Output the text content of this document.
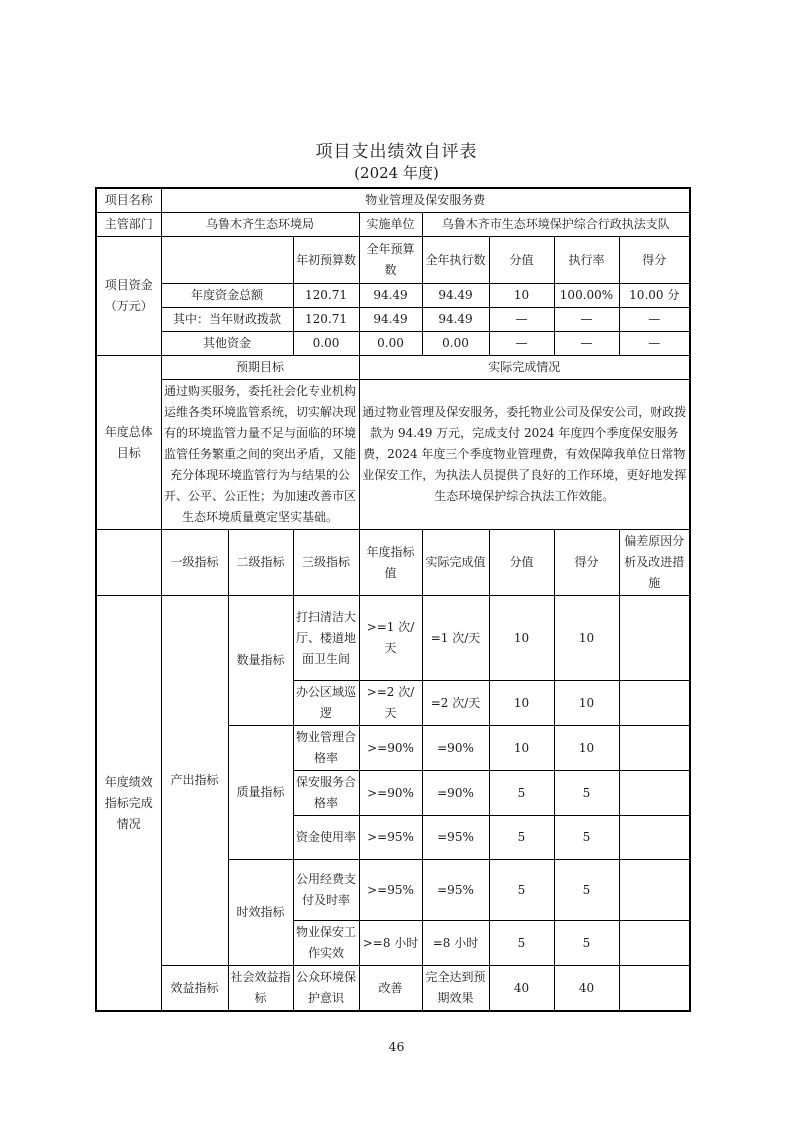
项目支出绩效自评表
(2024 年度)
项目名称	物业管理及保安服务费							
主管部门	乌鲁木齐生态环境局			实施单位	乌鲁木齐市生态环境保护综合行政执法支队			
项目资金（万元）			年初预算数	全年预算数	全年执行数	分值	执行率	得分
	年度资金总额		120.71	94.49	94.49	10	100.00%	10.00 分
	其中：当年财政拨款		120.71	94.49	94.49	—	—	—
	其他资金		0.00	0.00	0.00	—	—	—
年度总体目标	预期目标			实际完成情况				
	通过购买服务，委托社会化专业机构运维各类环境监管系统，切实解决现有的环境监管力量不足与面临的环境监管任务繁重之间的突出矛盾，又能充分体现环境监管行为与结果的公开、公平、公正性；为加速改善市区生态环境质量奠定坚实基础。			通过物业管理及保安服务，委托物业公司及保安公司，财政拨款为 94.49 万元，完成支付 2024 年度四个季度保安服务费，2024 年度三个季度物业管理费，有效保障我单位日常物业保安工作，为执法人员提供了良好的工作环境，更好地发挥生态环境保护综合执法工作效能。				
	一级指标	二级指标	三级指标	年度指标值	实际完成值	分值	得分	偏差原因分析及改进措施
年度绩效指标完成情况	产出指标	数量指标	打扫清洁大厅、楼道地面卫生间	>=1 次/天	=1 次/天	10	10	
			办公区域巡逻	>=2 次/天	=2 次/天	10	10	
		质量指标	物业管理合格率	>=90%	=90%	10	10	
			保安服务合格率	>=90%	=90%	5	5	
			资金使用率	>=95%	=95%	5	5	
		时效指标	公用经费支付及时率	>=95%	=95%	5	5	
			物业保安工作实效	>=8 小时	=8 小时	5	5	
	效益指标	社会效益指标	公众环境保护意识	改善	完全达到预期效果	40	40	
46
